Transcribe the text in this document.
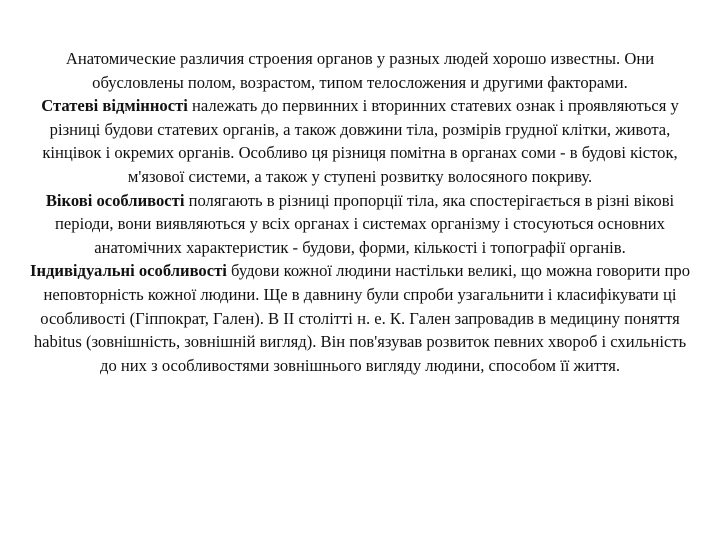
Анатомические различия строения органов у разных людей хорошо известны. Они обусловлены полом, возрастом, типом телосложения и другими факторами.

Статеві відмінності належать до первинних і вторинних статевих ознак і проявляються у різниці будови статевих органів, а також довжини тіла, розмірів грудної клітки, живота, кінцівок і окремих органів. Особливо ця різниця помітна в органах соми - в будові кісток, м'язової системи, а також у ступені розвитку волосяного покриву.

Вікові особливості полягають в різниці пропорції тіла, яка спостерігається в різні вікові періоди, вони виявляються у всіх органах і системах організму і стосуються основних анатомічних характеристик - будови, форми, кількості і топографії органів.

Індивідуальні особливості будови кожної людини настільки великі, що можна говорити про неповторність кожної людини. Ще в давнину були спроби узагальнити і класифікувати ці особливості (Гіппократ, Гален). В II столітті н. е. К. Гален запровадив в медицину поняття habitus (зовнішність, зовнішній вигляд). Він пов'язував розвиток певних хвороб і схильність до них з особливостями зовнішнього вигляду людини, способом її життя.
